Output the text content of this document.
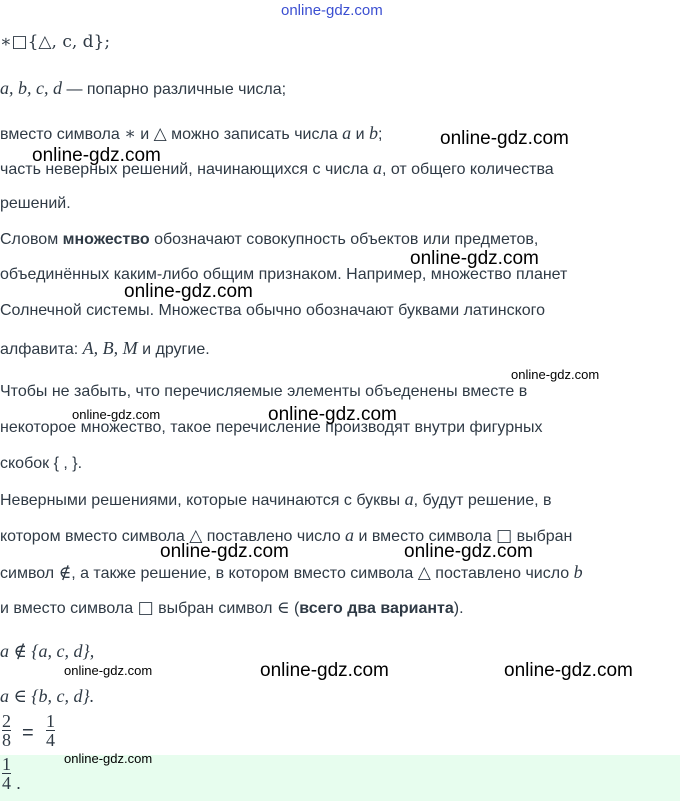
online-gdz.com
∗□{△, c, d};
a, b, c, d — попарно различные числа;
вместо символа ∗ и △ можно записать числа a и b;
часть неверных решений, начинающихся с числа a, от общего количества
решений.
Словом множество обозначают совокупность объектов или предметов,
объединённых каким-либо общим признаком. Например, множество планет
Солнечной системы. Множества обычно обозначают буквами латинского
алфавита: A, B, M и другие.
Чтобы не забыть, что перечисляемые элементы объеденены вместе в
некоторое множество, такое перечисление производят внутри фигурных
скобок { , }.
Неверными решениями, которые начинаются с буквы a, будут решение, в
котором вместо символа △ поставлено число a и вместо символа □ выбран
символ ∉, а также решение, в котором вместо символа △ поставлено число b
и вместо символа □ выбран символ ∈ (всего два варианта).
a ∉ {a, c, d},
a ∈ {b, c, d}.
$\frac{2}{8} = \frac{1}{4}$
$\frac{1}{4}$ .
online-gdz.com
online-gdz.com
online-gdz.com
online-gdz.com
online-gdz.com
online-gdz.com	online-gdz.com
online-gdz.com	online-gdz.com
online-gdz.com	online-gdz.com	online-gdz.com
online-gdz.com
